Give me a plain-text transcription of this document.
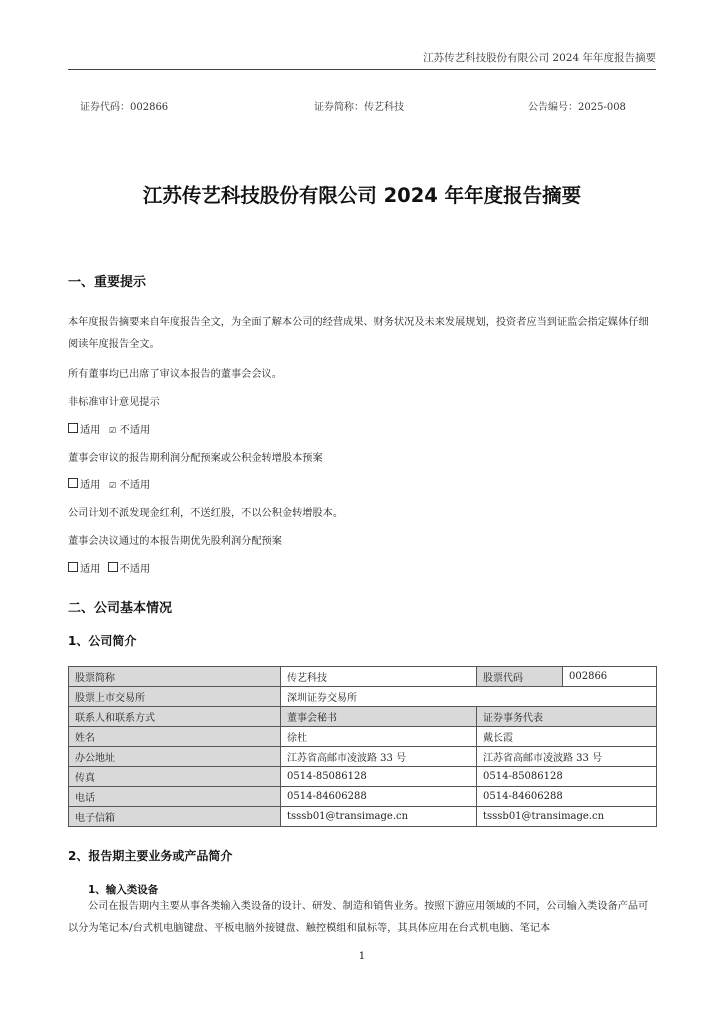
江苏传艺科技股份有限公司 2024 年年度报告摘要
证券代码：002866	证券简称：传艺科技	公告编号：2025-008
江苏传艺科技股份有限公司 2024 年年度报告摘要
一、重要提示
本年度报告摘要来自年度报告全文，为全面了解本公司的经营成果、财务状况及未来发展规划，投资者应当到证监会指定媒体仔细阅读年度报告全文。
所有董事均已出席了审议本报告的董事会会议。
非标准审计意见提示
适用 ☑ 不适用
董事会审议的报告期利润分配预案或公积金转增股本预案
适用 ☑ 不适用
公司计划不派发现金红利，不送红股，不以公积金转增股本。
董事会决议通过的本报告期优先股利润分配预案
适用 不适用
二、公司基本情况
1、公司简介
股票简称	传艺科技	股票代码	002866
股票上市交易所	深圳证券交易所		
联系人和联系方式	董事会秘书	证券事务代表	
姓名	徐杜	戴长霞	
办公地址	江苏省高邮市凌波路 33 号	江苏省高邮市凌波路 33 号	
传真	0514-85086128	0514-85086128	
电话	0514-84606288	0514-84606288	
电子信箱	tsssb01@transimage.cn	tsssb01@transimage.cn	
2、报告期主要业务或产品简介
1、输入类设备
公司在报告期内主要从事各类输入类设备的设计、研发、制造和销售业务。按照下游应用领域的不同，公司输入类设备产品可以分为笔记本/台式机电脑键盘、平板电脑外接键盘、触控模组和鼠标等，其具体应用在台式机电脑、笔记本
1
